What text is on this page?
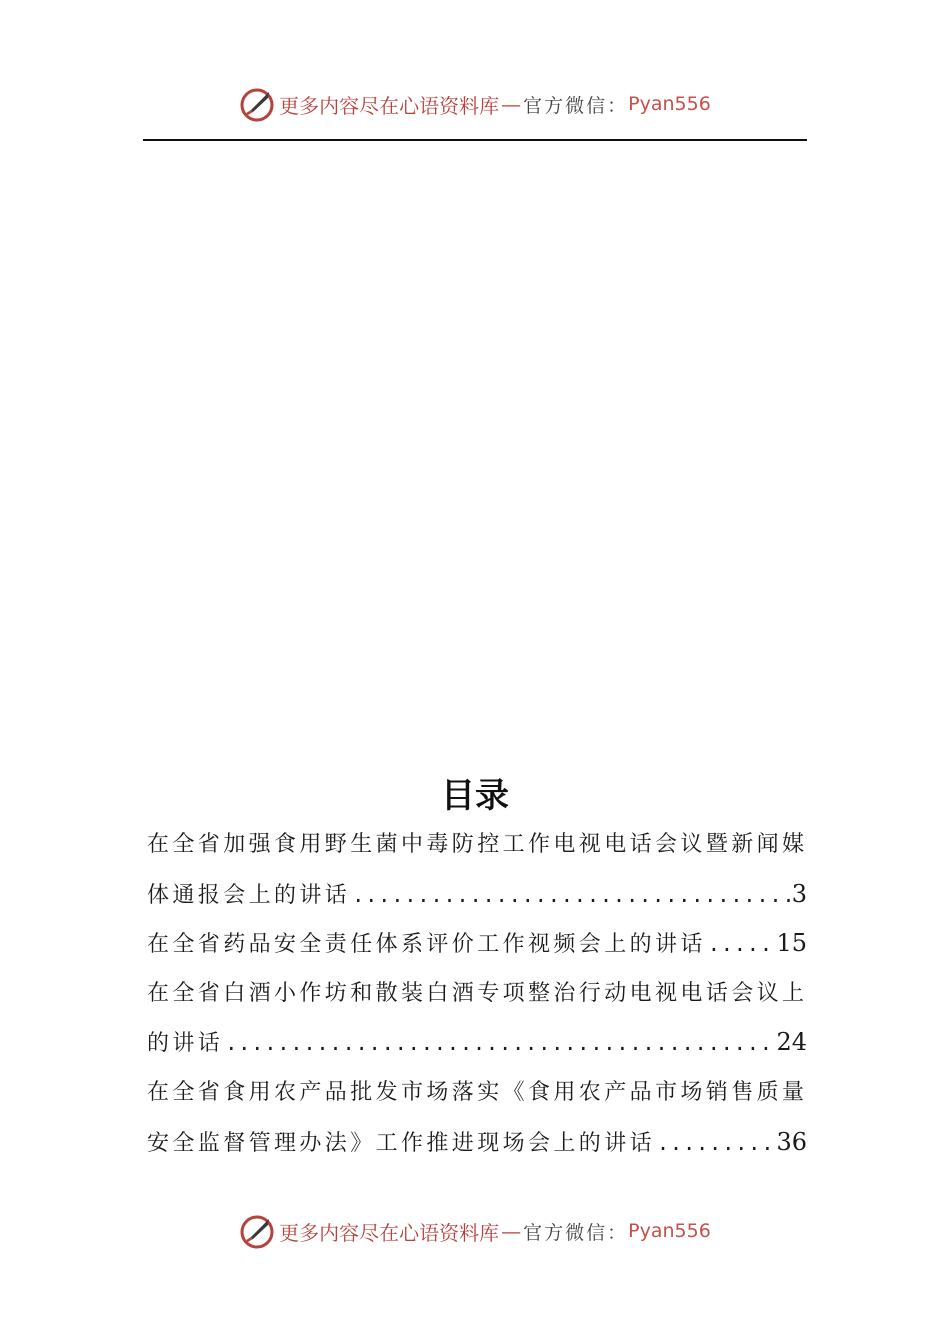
更多内容尽在心语资料库 — 官方微信： Pyan556
目录
在全省加强食用野生菌中毒防控工作电视电话会议暨新闻媒
体通报会上的讲话 .....	3
在全省药品安全责任体系评价工作视频会上的讲话 .....	15
在全省白酒小作坊和散装白酒专项整治行动电视电话会议上
的讲话 .....	24
在全省食用农产品批发市场落实《食用农产品市场销售质量
安全监督管理办法》工作推进现场会上的讲话 .....	36
更多内容尽在心语资料库 — 官方微信： Pyan556
